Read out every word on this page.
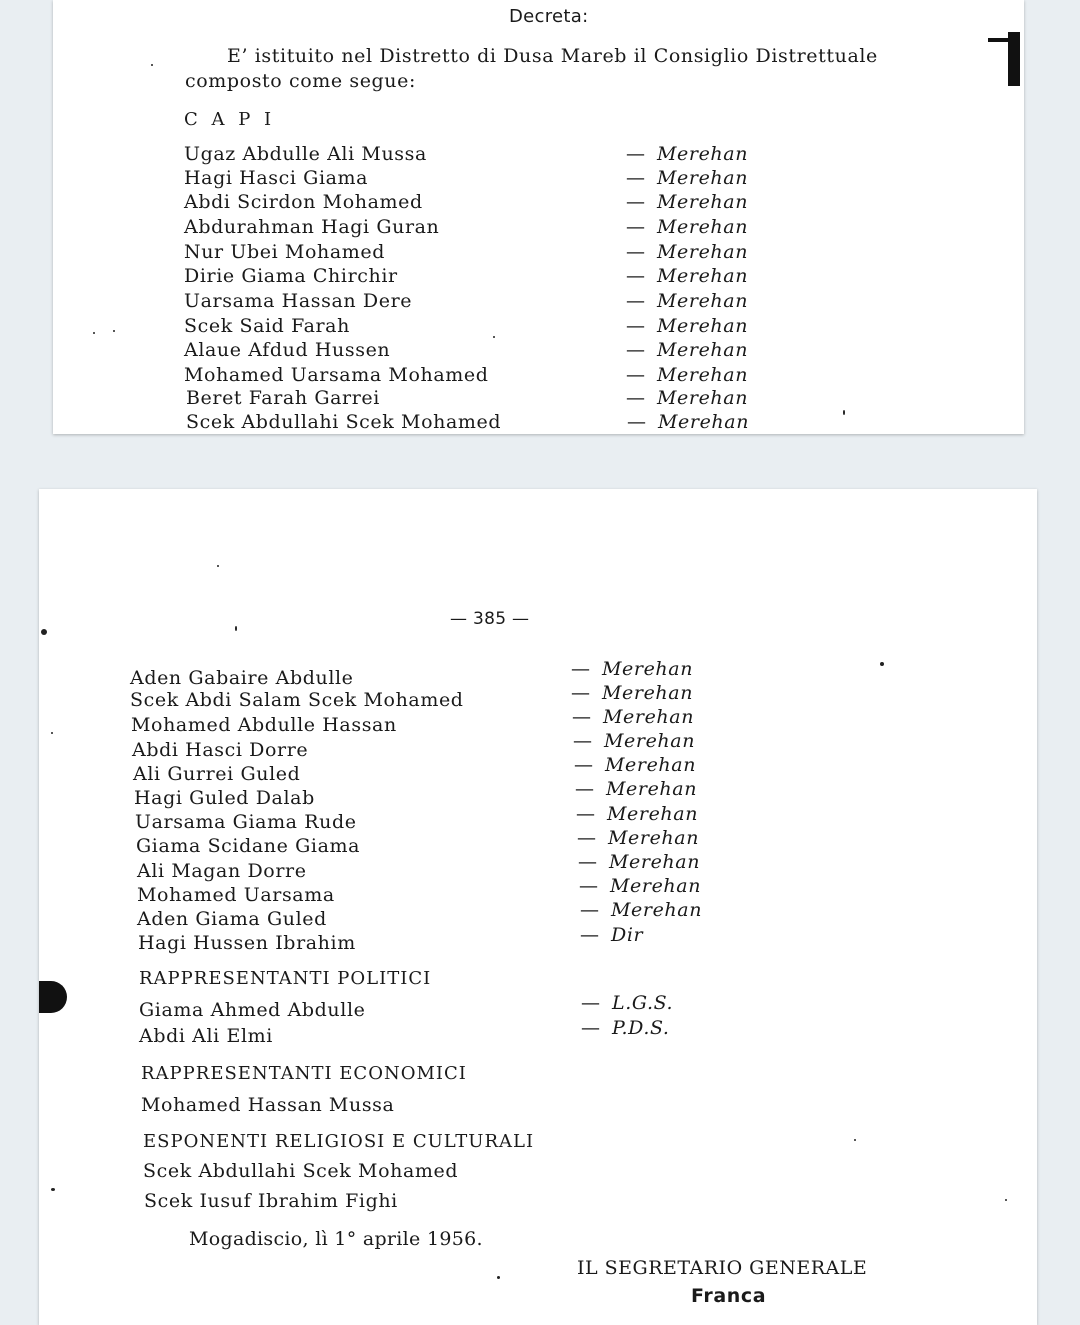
Decreta:
E’ istituito nel Distretto di Dusa Mareb il Consiglio Distrettuale
composto come segue:
C A P I
Ugaz Abdulle Ali Mussa	— Merehan
Hagi Hasci Giama	— Merehan
Abdi Scirdon Mohamed	— Merehan
Abdurahman Hagi Guran	— Merehan
Nur Ubei Mohamed	— Merehan
Dirie Giama Chirchir	— Merehan
Uarsama Hassan Dere	— Merehan
Scek Said Farah	— Merehan
Alaue Afdud Hussen	— Merehan
Mohamed Uarsama Mohamed	— Merehan
Beret Farah Garrei	— Merehan
Scek Abdullahi Scek Mohamed	— Merehan
— 385 —
Aden Gabaire Abdulle	— Merehan
Scek Abdi Salam Scek Mohamed	— Merehan
Mohamed Abdulle Hassan	— Merehan
Abdi Hasci Dorre	— Merehan
Ali Gurrei Guled	— Merehan
Hagi Guled Dalab	— Merehan
Uarsama Giama Rude	— Merehan
Giama Scidane Giama	— Merehan
Ali Magan Dorre	— Merehan
Mohamed Uarsama	— Merehan
Aden Giama Guled	— Merehan
Hagi Hussen Ibrahim	— Dir
RAPPRESENTANTI POLITICI
Giama Ahmed Abdulle	— L.G.S.
Abdi Ali Elmi	— P.D.S.
RAPPRESENTANTI ECONOMICI
Mohamed Hassan Mussa
ESPONENTI RELIGIOSI E CULTURALI
Scek Abdullahi Scek Mohamed
Scek Iusuf Ibrahim Fighi
Mogadiscio, lì 1° aprile 1956.
IL SEGRETARIO GENERALE
Franca
